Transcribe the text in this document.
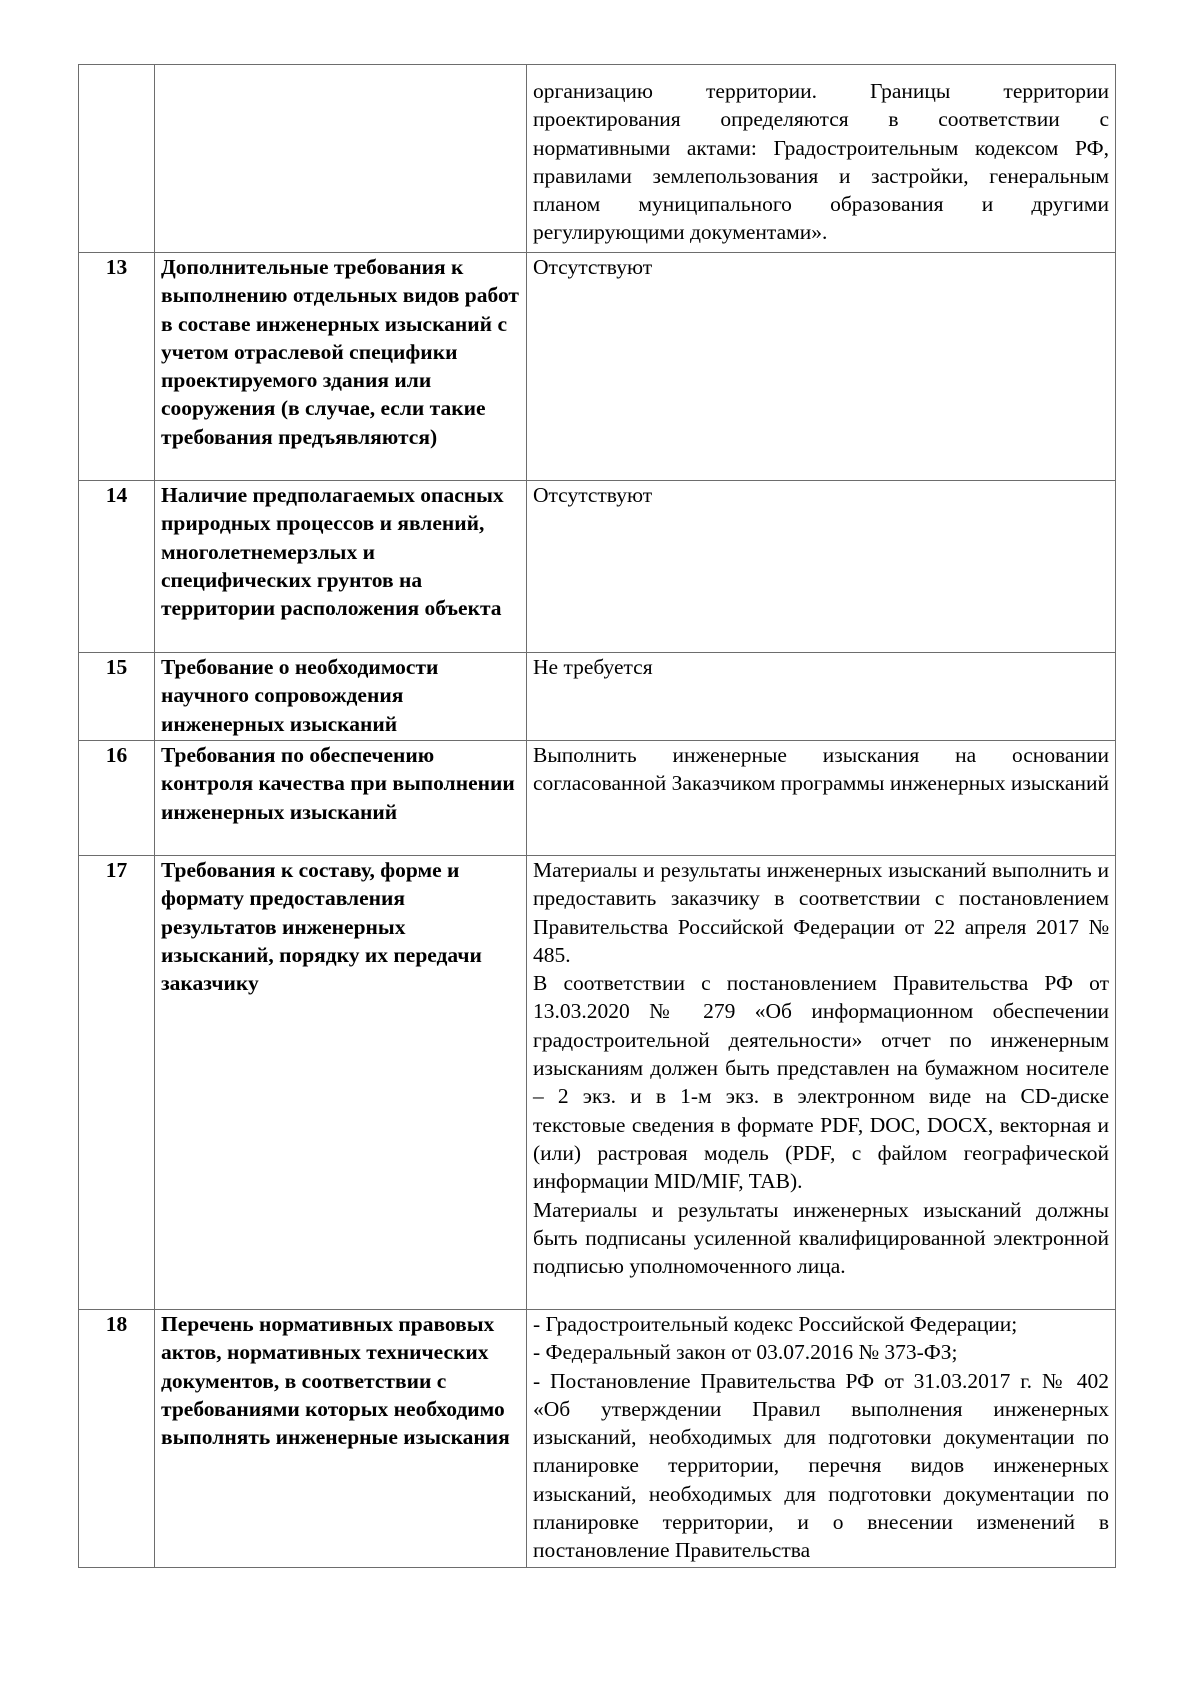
		организацию территории. Границы территории проектирования определяются в соответствии с нормативными актами: Градостроительным кодексом РФ, правилами землепользования и застройки, генеральным планом муниципального образования и другими регулирующими документами».

13	Дополнительные требования к выполнению отдельных видов работ в составе инженерных изысканий с учетом отраслевой специфики проектируемого здания или сооружения (в случае, если такие требования предъявляются)	Отсутствуют

14	Наличие предполагаемых опасных природных процессов и явлений, многолетнемерзлых и специфических грунтов на территории расположения объекта	Отсутствуют

15	Требование о необходимости научного сопровождения инженерных изысканий	Не требуется

16	Требования по обеспечению контроля качества при выполнении инженерных изысканий	Выполнить инженерные изыскания на основании согласованной Заказчиком программы инженерных изысканий

17	Требования к составу, форме и формату предоставления результатов инженерных изысканий, порядку их передачи заказчику	Материалы и результаты инженерных изысканий выполнить и предоставить заказчику в соответствии с постановлением Правительства Российской Федерации от 22 апреля 2017 № 485.
В соответствии с постановлением Правительства РФ от 13.03.2020 № 279 «Об информационном обеспечении градостроительной деятельности» отчет по инженерным изысканиям должен быть представлен на бумажном носителе – 2 экз. и в 1-м экз. в электронном виде на CD-диске текстовые сведения в формате PDF, DOC, DOCX, векторная и (или) растровая модель (PDF, с файлом географической информации MID/MIF, TAB).
Материалы и результаты инженерных изысканий должны быть подписаны усиленной квалифицированной электронной подписью уполномоченного лица.

18	Перечень нормативных правовых актов, нормативных технических документов, в соответствии с требованиями которых необходимо выполнять инженерные изыскания	- Градостроительный кодекс Российской Федерации;
- Федеральный закон от 03.07.2016 № 373-ФЗ;
- Постановление Правительства РФ от 31.03.2017 г. № 402 «Об утверждении Правил выполнения инженерных изысканий, необходимых для подготовки документации по планировке территории, перечня видов инженерных изысканий, необходимых для подготовки документации по планировке территории, и о внесении изменений в постановление Правительства
